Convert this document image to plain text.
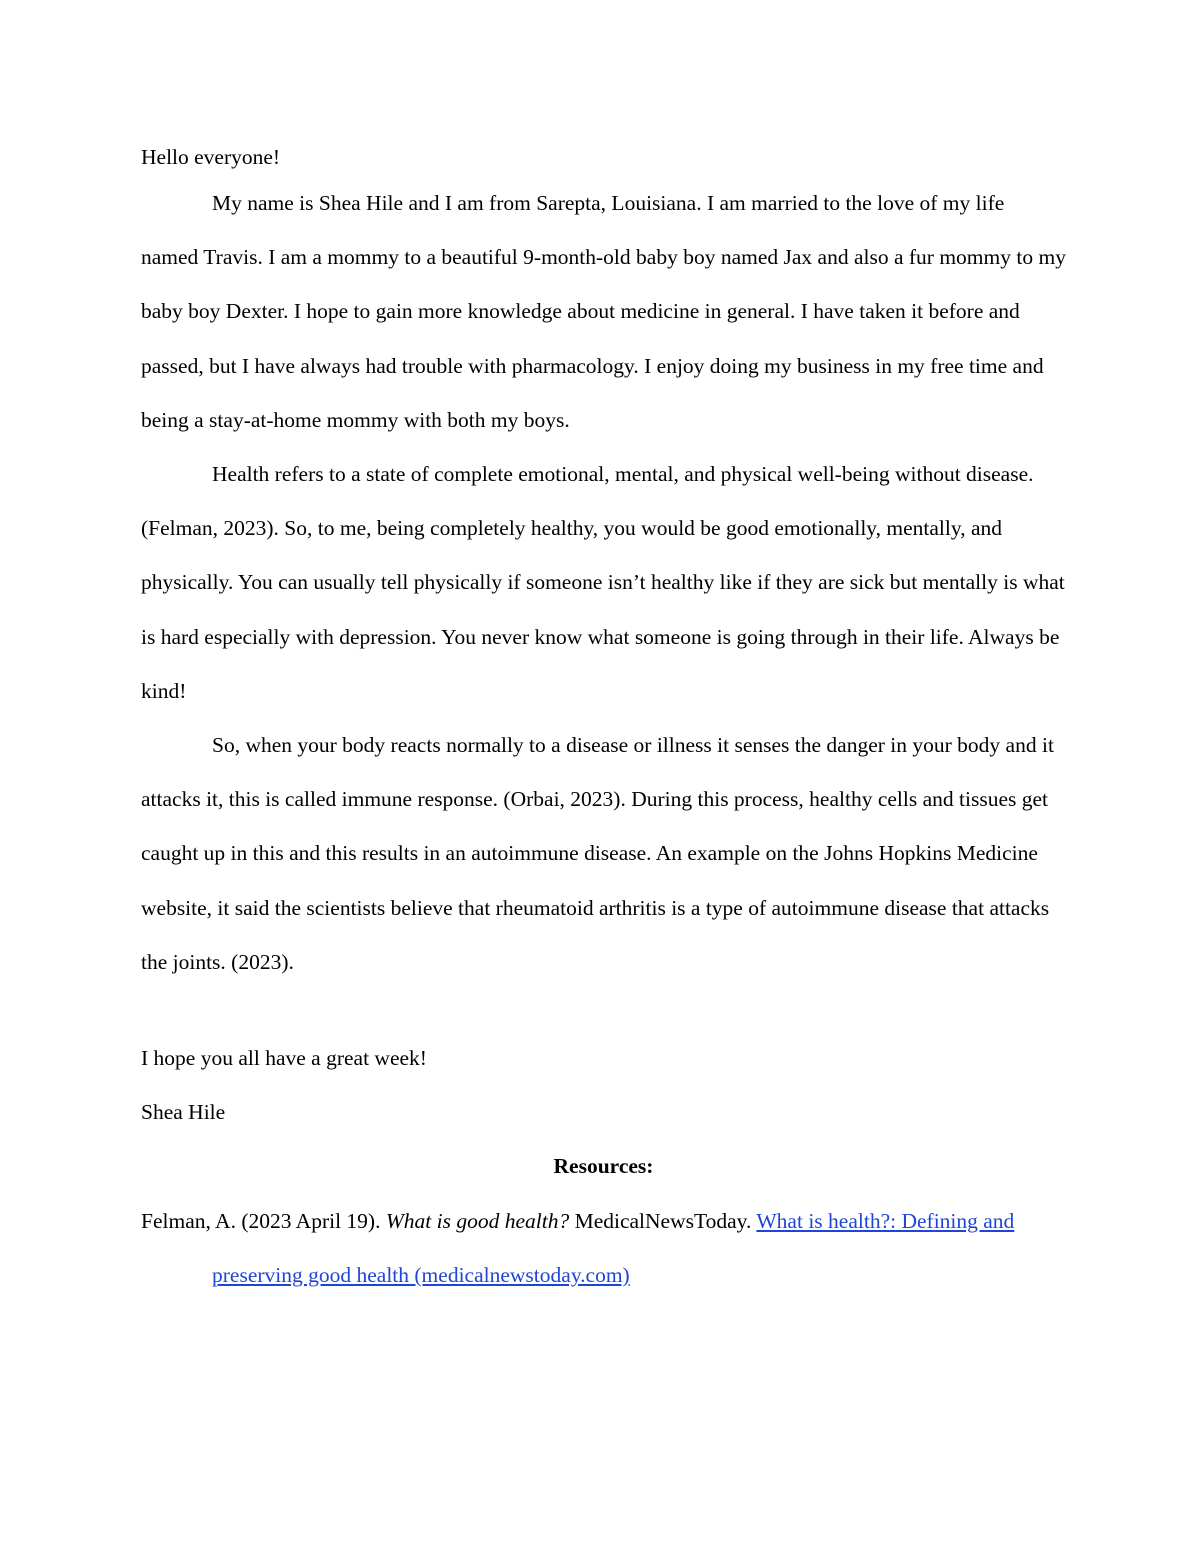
Hello everyone!

My name is Shea Hile and I am from Sarepta, Louisiana. I am married to the love of my life named Travis. I am a mommy to a beautiful 9-month-old baby boy named Jax and also a fur mommy to my baby boy Dexter. I hope to gain more knowledge about medicine in general. I have taken it before and passed, but I have always had trouble with pharmacology. I enjoy doing my business in my free time and being a stay-at-home mommy with both my boys.

Health refers to a state of complete emotional, mental, and physical well-being without disease. (Felman, 2023). So, to me, being completely healthy, you would be good emotionally, mentally, and physically. You can usually tell physically if someone isn’t healthy like if they are sick but mentally is what is hard especially with depression. You never know what someone is going through in their life. Always be kind!

So, when your body reacts normally to a disease or illness it senses the danger in your body and it attacks it, this is called immune response. (Orbai, 2023). During this process, healthy cells and tissues get caught up in this and this results in an autoimmune disease. An example on the Johns Hopkins Medicine website, it said the scientists believe that rheumatoid arthritis is a type of autoimmune disease that attacks the joints. (2023).

I hope you all have a great week!

Shea Hile

Resources:

Felman, A. (2023 April 19). What is good health? MedicalNewsToday. What is health?: Defining and preserving good health (medicalnewstoday.com)
